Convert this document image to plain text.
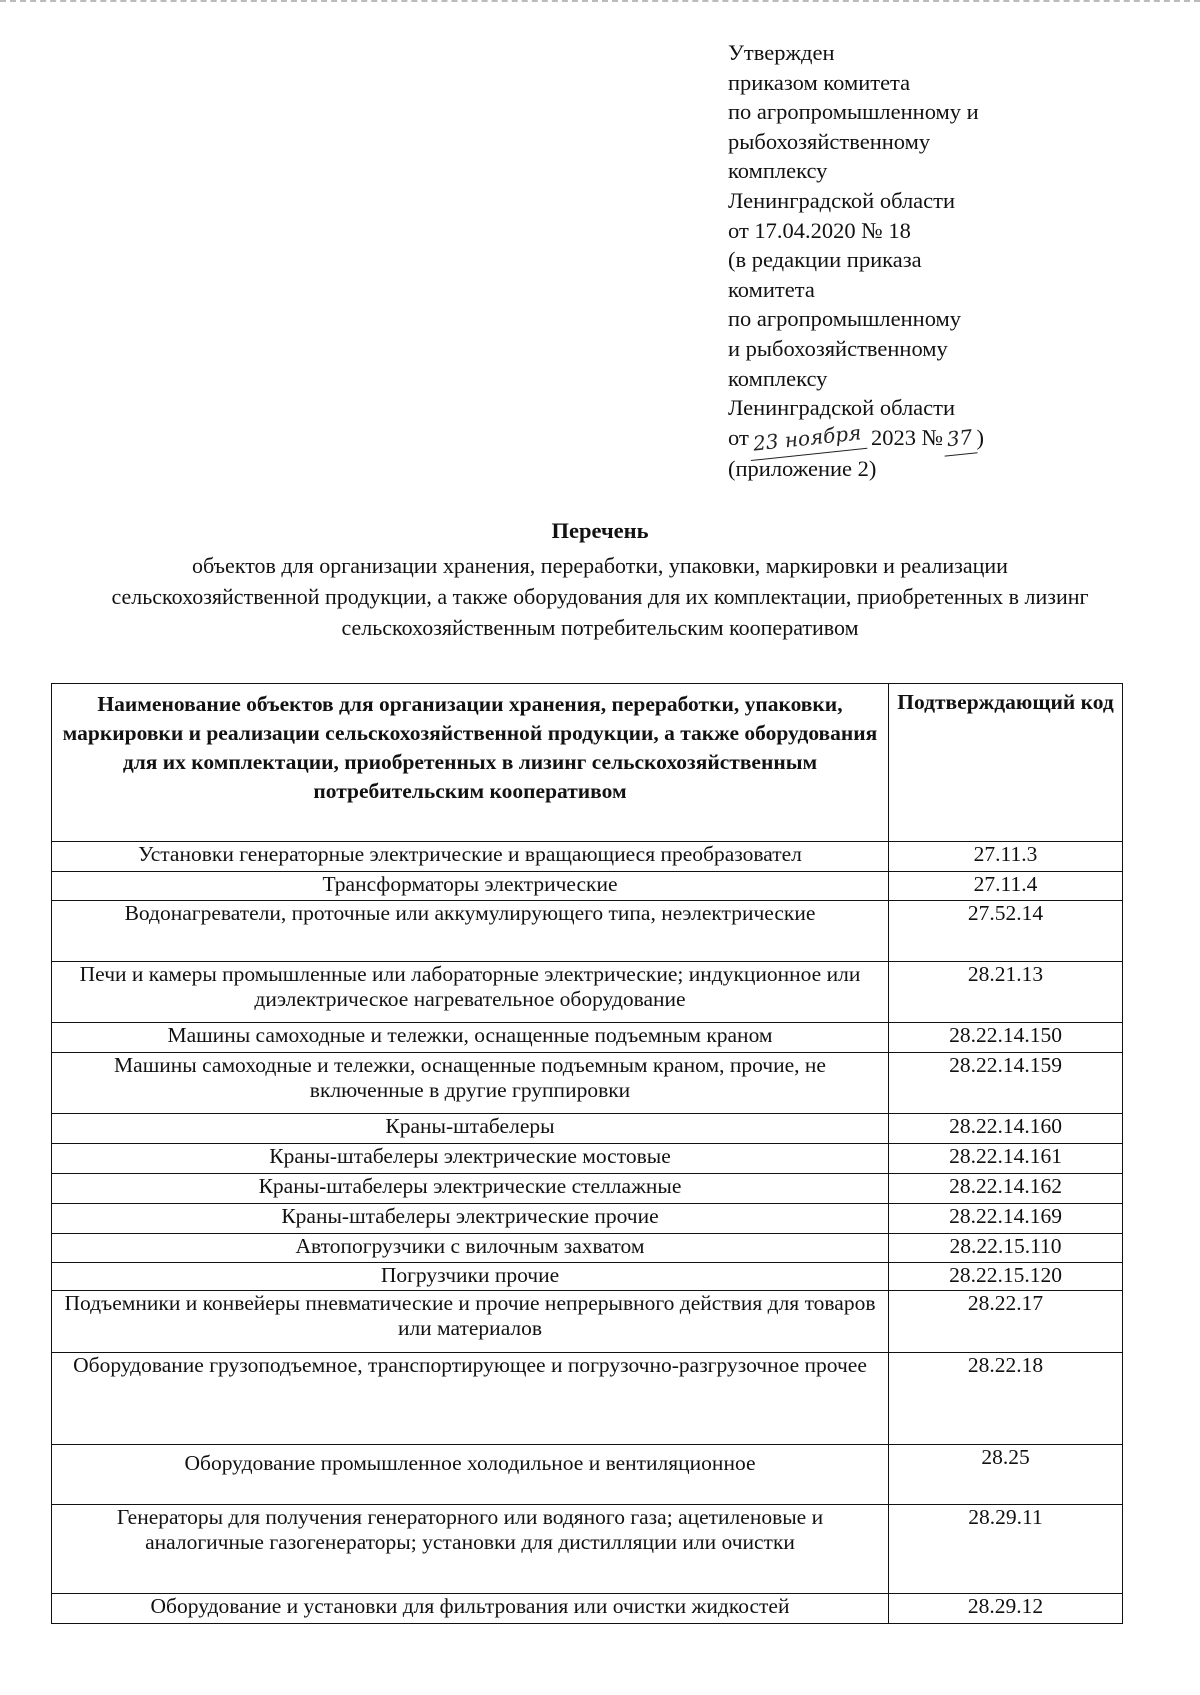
Утвержден
приказом комитета
по агропромышленному и
рыбохозяйственному
комплексу
Ленинградской области
от 17.04.2020 № 18
(в редакции приказа
комитета
по агропромышленному
и рыбохозяйственному
комплексу
Ленинградской области
от 23 ноября 2023 № 37 )
(приложение 2)
Перечень
объектов для организации хранения, переработки, упаковки, маркировки и реализации сельскохозяйственной продукции, а также оборудования для их комплектации, приобретенных в лизинг сельскохозяйственным потребительским кооперативом
Наименование объектов для организации хранения, переработки, упаковки, маркировки и реализации сельскохозяйственной продукции, а также оборудования для их комплектации, приобретенных в лизинг сельскохозяйственным потребительским кооперативом	Подтверждающий код
Установки генераторные электрические и вращающиеся преобразовател	27.11.3
Трансформаторы электрические	27.11.4
Водонагреватели, проточные или аккумулирующего типа, неэлектрические	27.52.14
Печи и камеры промышленные или лабораторные электрические; индукционное или диэлектрическое нагревательное оборудование	28.21.13
Машины самоходные и тележки, оснащенные подъемным краном	28.22.14.150
Машины самоходные и тележки, оснащенные подъемным краном, прочие, не включенные в другие группировки	28.22.14.159
Краны-штабелеры	28.22.14.160
Краны-штабелеры электрические мостовые	28.22.14.161
Краны-штабелеры электрические стеллажные	28.22.14.162
Краны-штабелеры электрические прочие	28.22.14.169
Автопогрузчики с вилочным захватом	28.22.15.110
Погрузчики прочие	28.22.15.120
Подъемники и конвейеры пневматические и прочие непрерывного действия для товаров или материалов	28.22.17
Оборудование грузоподъемное, транспортирующее и погрузочно-разгрузочное прочее	28.22.18
Оборудование промышленное холодильное и вентиляционное	28.25
Генераторы для получения генераторного или водяного газа; ацетиленовые и аналогичные газогенераторы; установки для дистилляции или очистки	28.29.11
Оборудование и установки для фильтрования или очистки жидкостей	28.29.12
